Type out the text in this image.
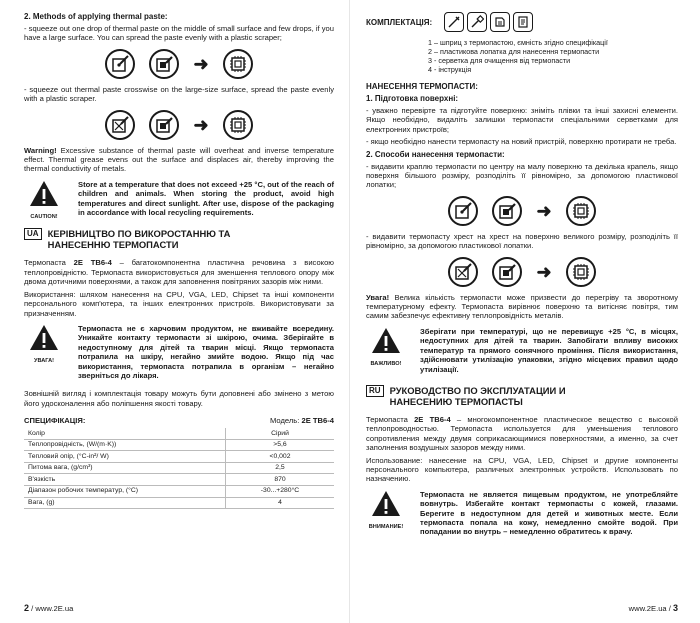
2. Methods of applying thermal paste:

- squeeze out one drop of thermal paste on the middle of small surface and few drops, if you have a large surface. You can spread the paste evenly with a plastic scraper;

➜

- squeeze out thermal paste crosswise on the large-size surface, spread the paste evenly with a plastic scraper.

➜

Warning! Excessive substance of thermal paste will overheat and inverse temperature effect. Thermal grease evens out the surface and displaces air, thereby improving the thermal conductivity of metals.

CAUTION!

Store at a temperature that does not exceed +25 °C, out of the reach of children and animals. When storing the product, avoid high temperatures and direct sunlight. After use, dispose of the packaging in accordance with local recycling requirements.

UA КЕРІВНИЦТВО ПО ВИКОРОСТАННЮ ТА
НАНЕСЕННЮ ТЕРМОПАСТИ

Термопаста 2E TB6-4 – багатокомпонентна пластична речовина з високою теплопровідністю. Термопаста використовується для зменшення теплового опору між двома дотичними поверхнями, а також для заповнення повітряних зазорів між ними.

Використання: шляхом нанесення на CPU, VGA, LED, Chipset та інші компоненти персонального комп'ютера, та інших електронних пристроїв. Використовувати за призначенням.

УВАГА!

Термопаста не є харчовим продуктом, не вживайте всередину. Уникайте контакту термопасти зі шкірою, очима. Зберігайте в недоступному для дітей та тварин місці. Якщо термопаста потрапила на шкіру, негайно змийте водою. Якщо під час використання, термопаста потрапила в організм – негайно зверніться до лікаря.

Зовнішній вигляд і комплектація товару можуть бути доповнені або змінено з метою його удосконалення або поліпшення якості товару.

СПЕЦИФІКАЦІЯ:	Модель: 2E TB6-4
Колір	Сірий
Теплопровідність, (W/(m·K))	>5,6
Тепловий опір, (°C-in²/ W)	<0,002
Питома вага, (g/cm³)	2,5
В'язкість	870
Діапазон робочих температур, (°C)	-30...+280°C
Вага, (g)	4
2 / www.2E.ua
КОМПЛЕКТАЦІЯ:
1 – шприц з термопастою, ємність згідно специфікації
2 – пластикова лопатка для нанесення термопасти
3 - серветка для очищення від термопасти
4 - інструкція
НАНЕСЕННЯ ТЕРМОПАСТИ:
1. Підготовка поверхні:

- уважно перевірте та підготуйте поверхню: зніміть плівки та інші захисні елементи. Якщо необхідно, видаліть залишки термопасти спеціальними серветками для електронних пристроїв;

- якщо необхідно нанести термопасту на новий пристрій, поверхню протирати не треба.

2. Способи нанесення термопасти:

- видавити краплю термопасти по центру на малу поверхню та декілька крапель, якщо поверхня більшого розміру, розподіліть її рівномірно, за допомогою пластикової лопатки;

➜

- видавити термопасту хрест на хрест на поверхню великого розміру, розподіліть її рівномірно, за допомогою пластикової лопатки.

➜

Увага! Велика кількість термопасти може призвести до перегріву та зворотному температурному ефекту. Термопаста вирівнює поверхню та витісняє повітря, тим самим забезпечує ефективну теплопровідність металів.

ВАЖЛИВО!

Зберігати при температурі, що не перевищує +25 °С, в місцях, недоступних для дітей та тварин. Запобігати впливу високих температур та прямого сонячного проміння. Після використання, здійснювати утилізацію упаковки, згідно місцевих правил щодо утилізації.

RU РУКОВОДСТВО ПО ЭКСПЛУАТАЦИИ И
НАНЕСЕНИЮ ТЕРМОПАСТЫ

Термопаста 2E TB6-4 – многокомпонентное пластическое вещество с высокой теплопроводностью. Термопаста используется для уменьшения теплового сопротивления между двумя соприкасающимися поверхностями, а именно, за счет заполнения воздушных зазоров между ними.

Использование: нанесение на CPU, VGA, LED, Chipset и другие компоненты персонального компьютера, различных электронных устройств. Использовать по назначению.

ВНИМАНИЕ!

Термопаста не является пищевым продуктом, не употребляйте вовнутрь. Избегайте контакт термопасты с кожей, глазами. Берегите в недоступном для детей и животных месте. Если термопаста попала на кожу, немедленно смойте водой. При попадании во внутрь – немедленно обратитесь к врачу.

www.2E.ua / 3
